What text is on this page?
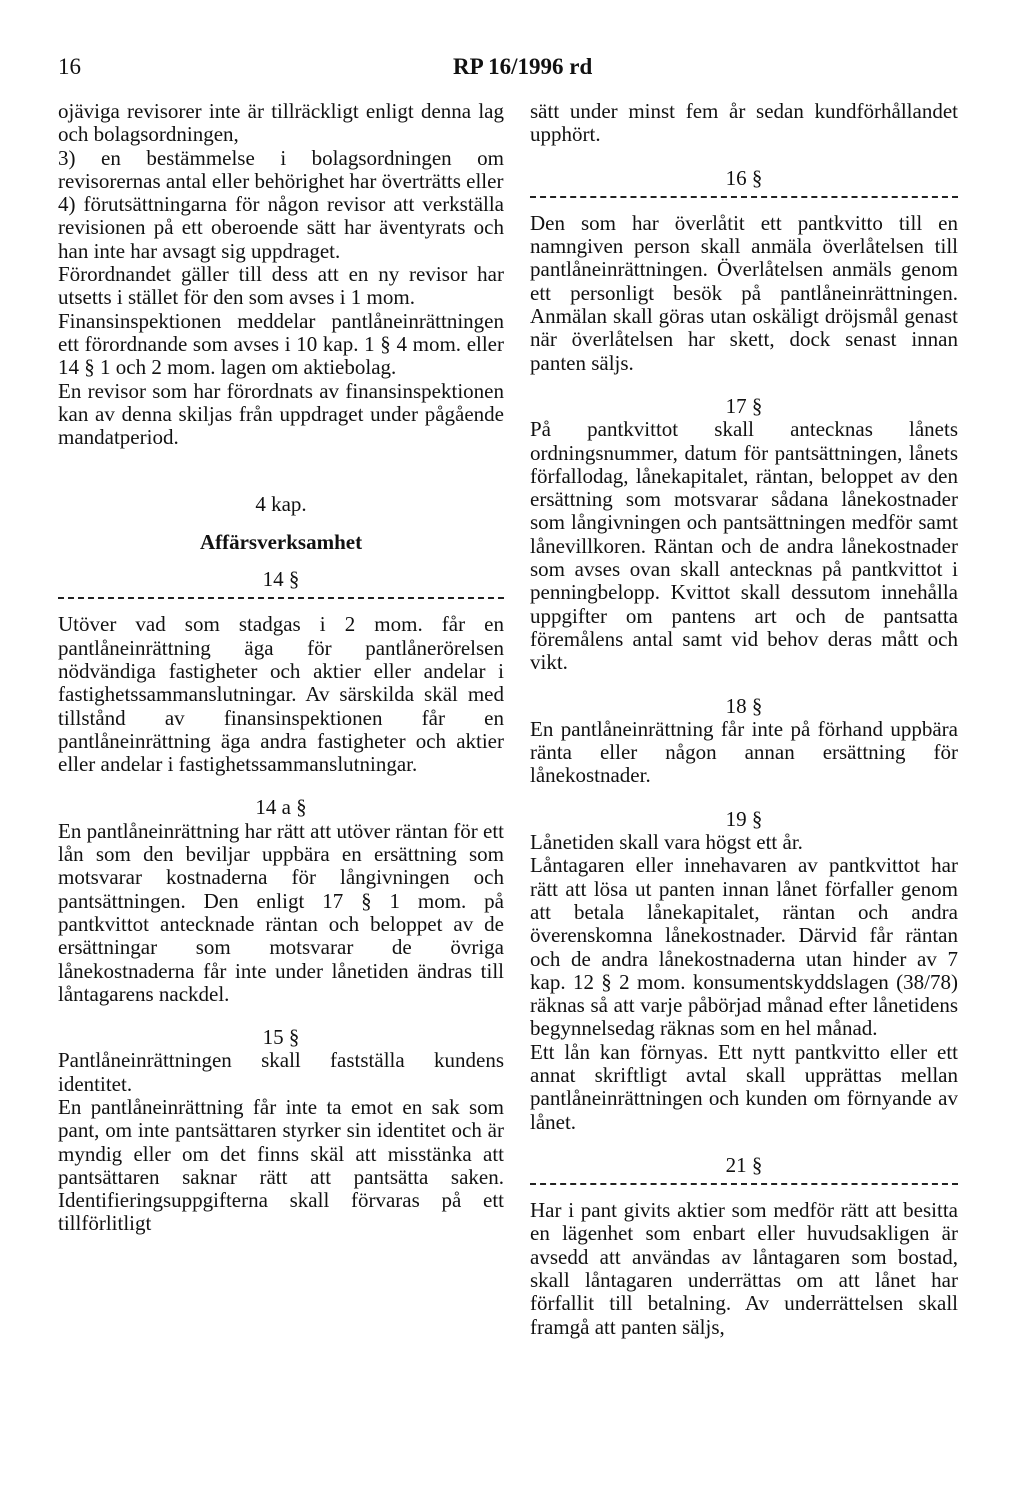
16	RP 16/1996 rd

ojäviga revisorer inte är tillräckligt enligt denna lag och bolagsordningen,

3) en bestämmelse i bolagsordningen om revisorernas antal eller behörighet har överträtts eller

4) förutsättningarna för någon revisor att verkställa revisionen på ett oberoende sätt har äventyrats och han inte har avsagt sig uppdraget.

Förordnandet gäller till dess att en ny revisor har utsetts i stället för den som avses i 1 mom.

Finansinspektionen meddelar pantlåneinrättningen ett förordnande som avses i 10 kap. 1 § 4 mom. eller 14 § 1 och 2 mom. lagen om aktiebolag.

En revisor som har förordnats av finansinspektionen kan av denna skiljas från uppdraget under pågående mandatperiod.

4 kap.

Affärsverksamhet

14 §

Utöver vad som stadgas i 2 mom. får en pantlåneinrättning äga för pantlånerörelsen nödvändiga fastigheter och aktier eller andelar i fastighetssammanslutningar. Av särskilda skäl med tillstånd av finansinspektionen får en pantlåneinrättning äga andra fastigheter och aktier eller andelar i fastighetssammanslutningar.

14 a §

En pantlåneinrättning har rätt att utöver räntan för ett lån som den beviljar uppbära en ersättning som motsvarar kostnaderna för långivningen och pantsättningen. Den enligt 17 § 1 mom. på pantkvittot antecknade räntan och beloppet av de ersättningar som motsvarar de övriga lånekostnaderna får inte under lånetiden ändras till låntagarens nackdel.

15 §

Pantlåneinrättningen skall fastställa kundens identitet.

En pantlåneinrättning får inte ta emot en sak som pant, om inte pantsättaren styrker sin identitet och är myndig eller om det finns skäl att misstänka att pantsättaren saknar rätt att pantsätta saken. Identifieringsuppgifterna skall förvaras på ett tillförlitligt

sätt under minst fem år sedan kundförhållandet upphört.

16 §

Den som har överlåtit ett pantkvitto till en namngiven person skall anmäla överlåtelsen till pantlåneinrättningen. Överlåtelsen anmäls genom ett personligt besök på pantlåneinrättningen. Anmälan skall göras utan oskäligt dröjsmål genast när överlåtelsen har skett, dock senast innan panten säljs.

17 §

På pantkvittot skall antecknas lånets ordningsnummer, datum för pantsättningen, lånets förfallodag, lånekapitalet, räntan, beloppet av den ersättning som motsvarar sådana lånekostnader som långivningen och pantsättningen medför samt lånevillkoren. Räntan och de andra lånekostnader som avses ovan skall antecknas på pantkvittot i penningbelopp. Kvittot skall dessutom innehålla uppgifter om pantens art och de pantsatta föremålens antal samt vid behov deras mått och vikt.

18 §

En pantlåneinrättning får inte på förhand uppbära ränta eller någon annan ersättning för lånekostnader.

19 §

Lånetiden skall vara högst ett år.

Låntagaren eller innehavaren av pantkvittot har rätt att lösa ut panten innan lånet förfaller genom att betala lånekapitalet, räntan och andra överenskomna lånekostnader. Därvid får räntan och de andra lånekostnaderna utan hinder av 7 kap. 12 § 2 mom. konsumentskyddslagen (38/78) räknas så att varje påbörjad månad efter lånetidens begynnelsedag räknas som en hel månad.

Ett lån kan förnyas. Ett nytt pantkvitto eller ett annat skriftligt avtal skall upprättas mellan pantlåneinrättningen och kunden om förnyande av lånet.

21 §

Har i pant givits aktier som medför rätt att besitta en lägenhet som enbart eller huvudsakligen är avsedd att användas av låntagaren som bostad, skall låntagaren underrättas om att lånet har förfallit till betalning. Av underrättelsen skall framgå att panten säljs,
